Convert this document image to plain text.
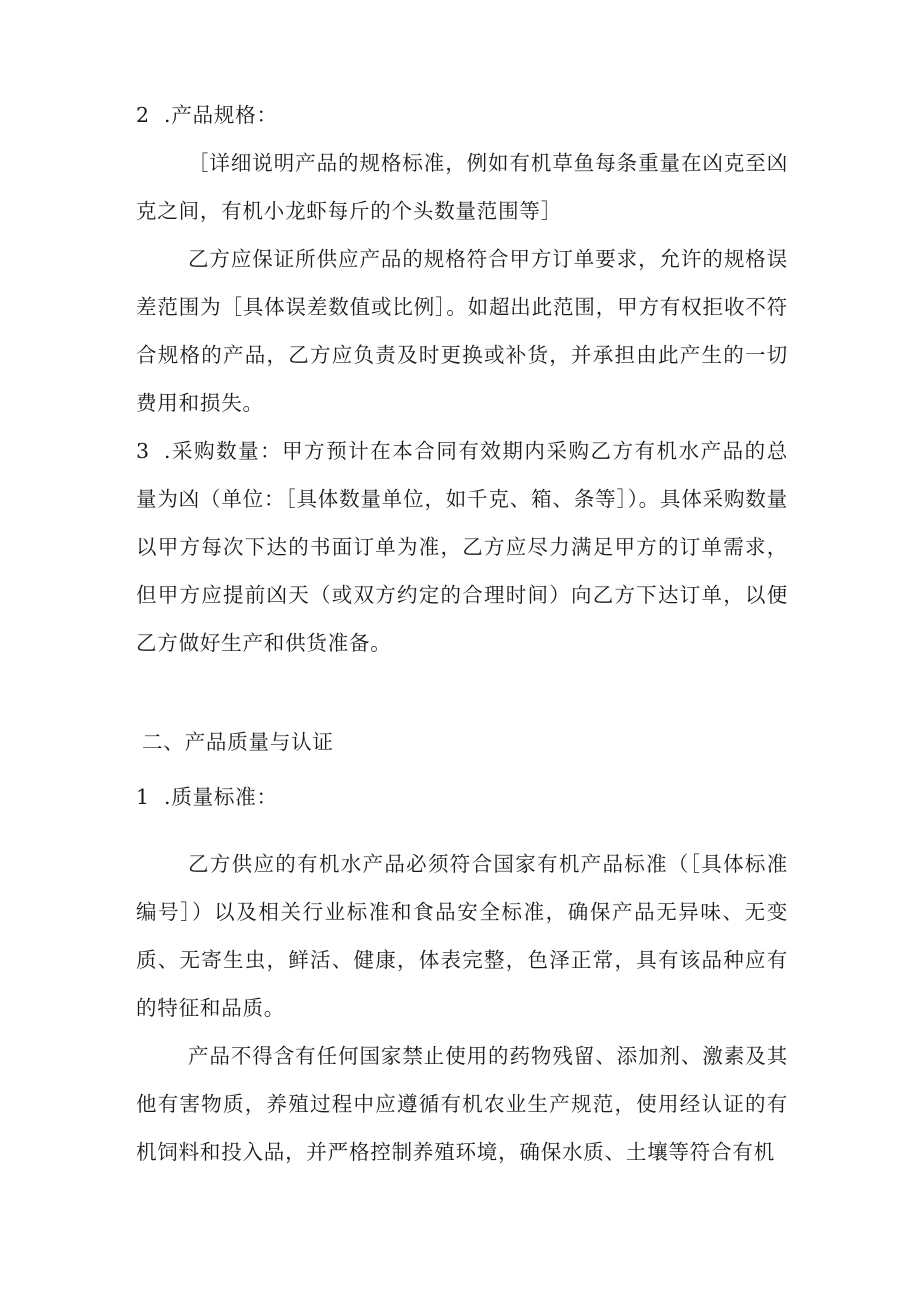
2 .产品规格：

［详细说明产品的规格标准，例如有机草鱼每条重量在凶克至凶克之间，有机小龙虾每斤的个头数量范围等］

乙方应保证所供应产品的规格符合甲方订单要求，允许的规格误差范围为［具体误差数值或比例］。如超出此范围，甲方有权拒收不符合规格的产品，乙方应负责及时更换或补货，并承担由此产生的一切费用和损失。

3 .采购数量：甲方预计在本合同有效期内采购乙方有机水产品的总量为凶（单位：［具体数量单位，如千克、箱、条等］）。具体采购数量以甲方每次下达的书面订单为准，乙方应尽力满足甲方的订单需求，但甲方应提前凶天（或双方约定的合理时间）向乙方下达订单，以便乙方做好生产和供货准备。

二、产品质量与认证

1 .质量标准：

乙方供应的有机水产品必须符合国家有机产品标准（［具体标准编号］）以及相关行业标准和食品安全标准，确保产品无异味、无变质、无寄生虫，鲜活、健康，体表完整，色泽正常，具有该品种应有的特征和品质。

产品不得含有任何国家禁止使用的药物残留、添加剂、激素及其他有害物质，养殖过程中应遵循有机农业生产规范，使用经认证的有机饲料和投入品，并严格控制养殖环境，确保水质、土壤等符合有机
